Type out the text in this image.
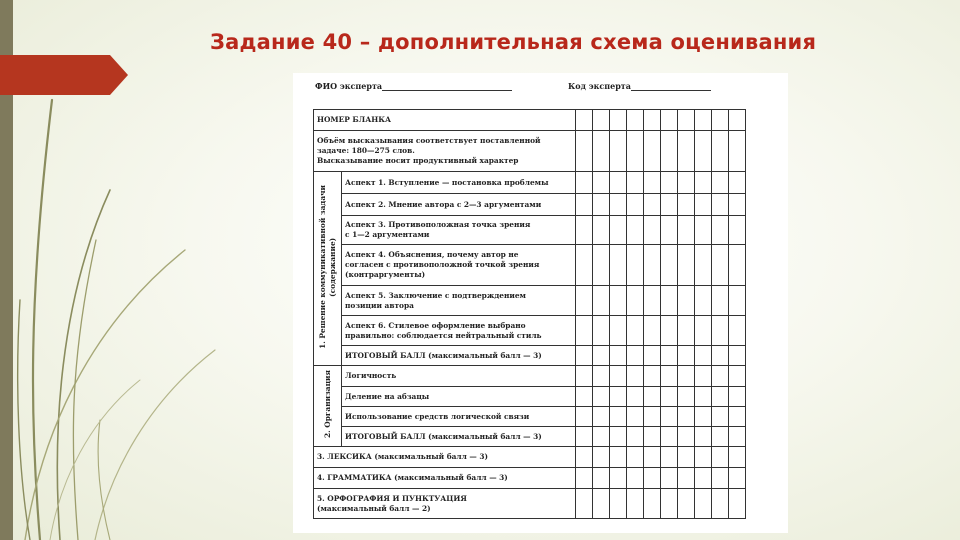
Задание 40 – дополнительная схема оценивания
ФИО эксперта	Код эксперта
НОМЕР БЛАНКА											

Объём высказывания соответствует поставленной
задаче: 180—275 слов.
Высказывание носит продуктивный характер											

1. Решение коммуникативной задачи
(содержание)	Аспект 1. Вступление — постановка проблемы										
	Аспект 2. Мнение автора с 2—3 аргументами										

	Аспект 3. Противоположная точка зрения
с 1—2 аргументами										

	Аспект 4. Объяснения, почему автор не
согласен с противоположной точкой зрения
(контраргументы)										

	Аспект 5. Заключение с подтверждением
позиции автора										

	Аспект 6. Стилевое оформление выбрано
правильно: соблюдается нейтральный стиль										

	ИТОГОВЫЙ БАЛЛ (максимальный балл — 3)										
2. Организация	Логичность										
	Деление на абзацы										
	Использование средств логической связи										
	ИТОГОВЫЙ БАЛЛ (максимальный балл — 3)										
3. ЛЕКСИКА (максимальный балл — 3)											
4. ГРАММАТИКА (максимальный балл — 3)											

5. ОРФОГРАФИЯ И ПУНКТУАЦИЯ
(максимальный балл — 2)											
